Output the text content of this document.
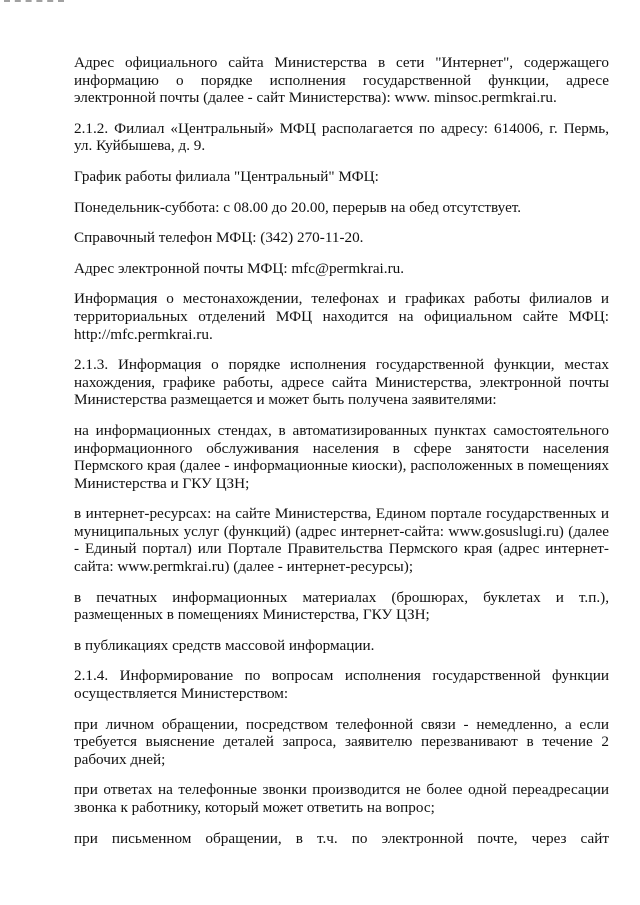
Адрес официального сайта Министерства в сети "Интернет", содержащего информацию о порядке исполнения государственной функции, адресе электронной почты (далее - сайт Министерства): www. minsoc.permkrai.ru.

2.1.2. Филиал «Центральный» МФЦ располагается по адресу: 614006, г. Пермь, ул. Куйбышева, д. 9.

График работы филиала "Центральный" МФЦ:

Понедельник-суббота: с 08.00 до 20.00, перерыв на обед отсутствует.

Справочный телефон МФЦ: (342) 270-11-20.

Адрес электронной почты МФЦ: mfc@permkrai.ru.

Информация о местонахождении, телефонах и графиках работы филиалов и территориальных отделений МФЦ находится на официальном сайте МФЦ: http://mfc.permkrai.ru.

2.1.3. Информация о порядке исполнения государственной функции, местах нахождения, графике работы, адресе сайта Министерства, электронной почты Министерства размещается и может быть получена заявителями:

на информационных стендах, в автоматизированных пунктах самостоятельного информационного обслуживания населения в сфере занятости населения Пермского края (далее - информационные киоски), расположенных в помещениях Министерства и ГКУ ЦЗН;

в интернет-ресурсах: на сайте Министерства, Едином портале государственных и муниципальных услуг (функций) (адрес интернет-сайта: www.gosuslugi.ru) (далее - Единый портал) или Портале Правительства Пермского края (адрес интернет-сайта: www.permkrai.ru) (далее - интернет-ресурсы);

в печатных информационных материалах (брошюрах, буклетах и т.п.), размещенных в помещениях Министерства, ГКУ ЦЗН;

в публикациях средств массовой информации.

2.1.4. Информирование по вопросам исполнения государственной функции осуществляется Министерством:

при личном обращении, посредством телефонной связи - немедленно, а если требуется выяснение деталей запроса, заявителю перезванивают в течение 2 рабочих дней;

при ответах на телефонные звонки производится не более одной переадресации звонка к работнику, который может ответить на вопрос;

при письменном обращении, в т.ч. по электронной почте, через сайт
